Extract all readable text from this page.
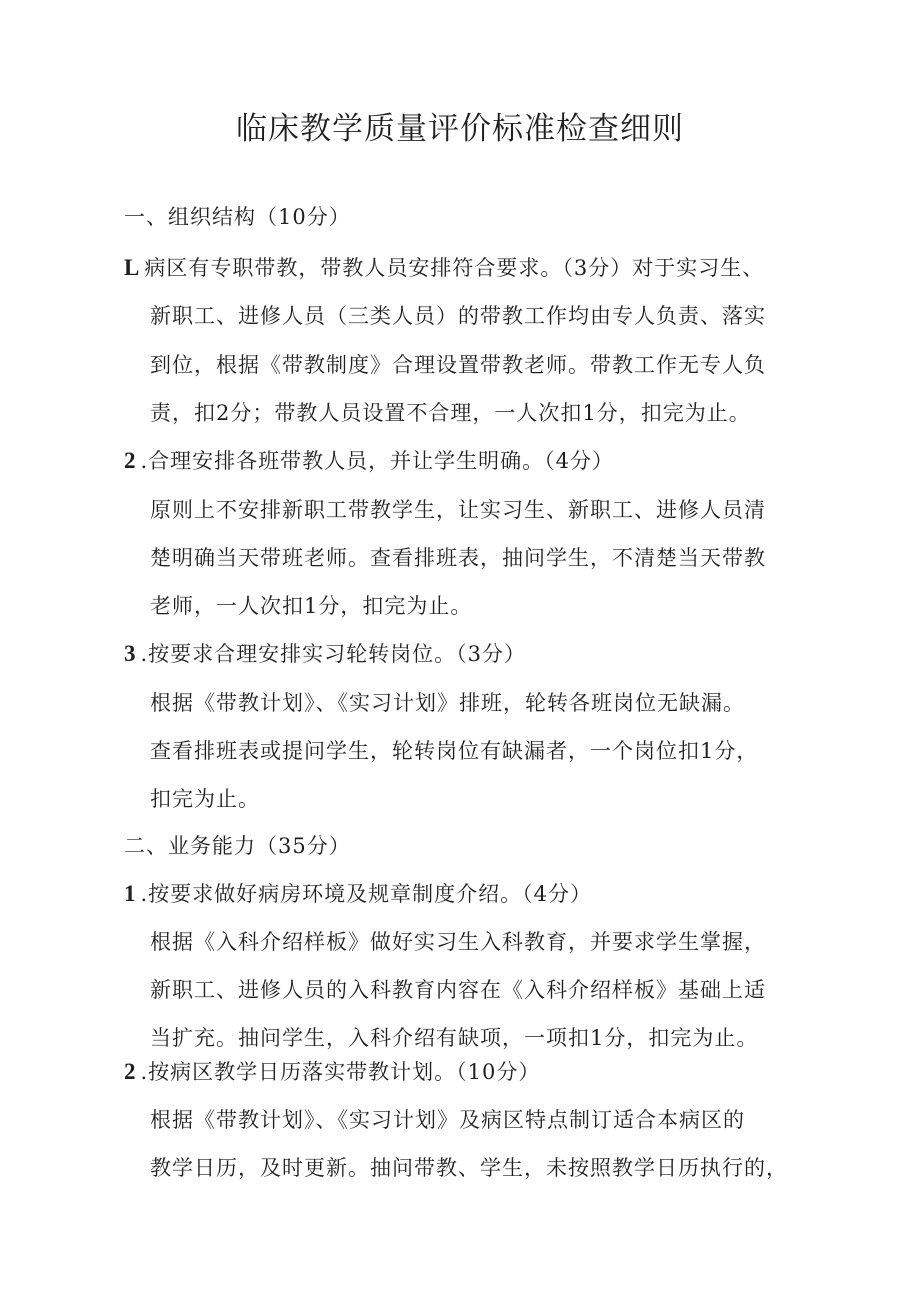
临床教学质量评价标准检查细则
一、组织结构（10分）
L 病区有专职带教，带教人员安排符合要求。（3分）对于实习生、
新职工、进修人员（三类人员）的带教工作均由专人负责、落实
到位，根据《带教制度》合理设置带教老师。带教工作无专人负
责，扣2分；带教人员设置不合理，一人次扣1分，扣完为止。
2 .合理安排各班带教人员，并让学生明确。（4分）
原则上不安排新职工带教学生，让实习生、新职工、进修人员清
楚明确当天带班老师。查看排班表，抽问学生，不清楚当天带教
老师，一人次扣1分，扣完为止。
3 .按要求合理安排实习轮转岗位。（3分）
根据《带教计划》、《实习计划》排班，轮转各班岗位无缺漏。
查看排班表或提问学生，轮转岗位有缺漏者，一个岗位扣1分，
扣完为止。
二、业务能力（35分）
1 .按要求做好病房环境及规章制度介绍。（4分）
根据《入科介绍样板》做好实习生入科教育，并要求学生掌握，
新职工、进修人员的入科教育内容在《入科介绍样板》基础上适
当扩充。抽问学生，入科介绍有缺项，一项扣1分，扣完为止。
2 .按病区教学日历落实带教计划。（10分）
根据《带教计划》、《实习计划》及病区特点制订适合本病区的
教学日历，及时更新。抽问带教、学生，未按照教学日历执行的，
